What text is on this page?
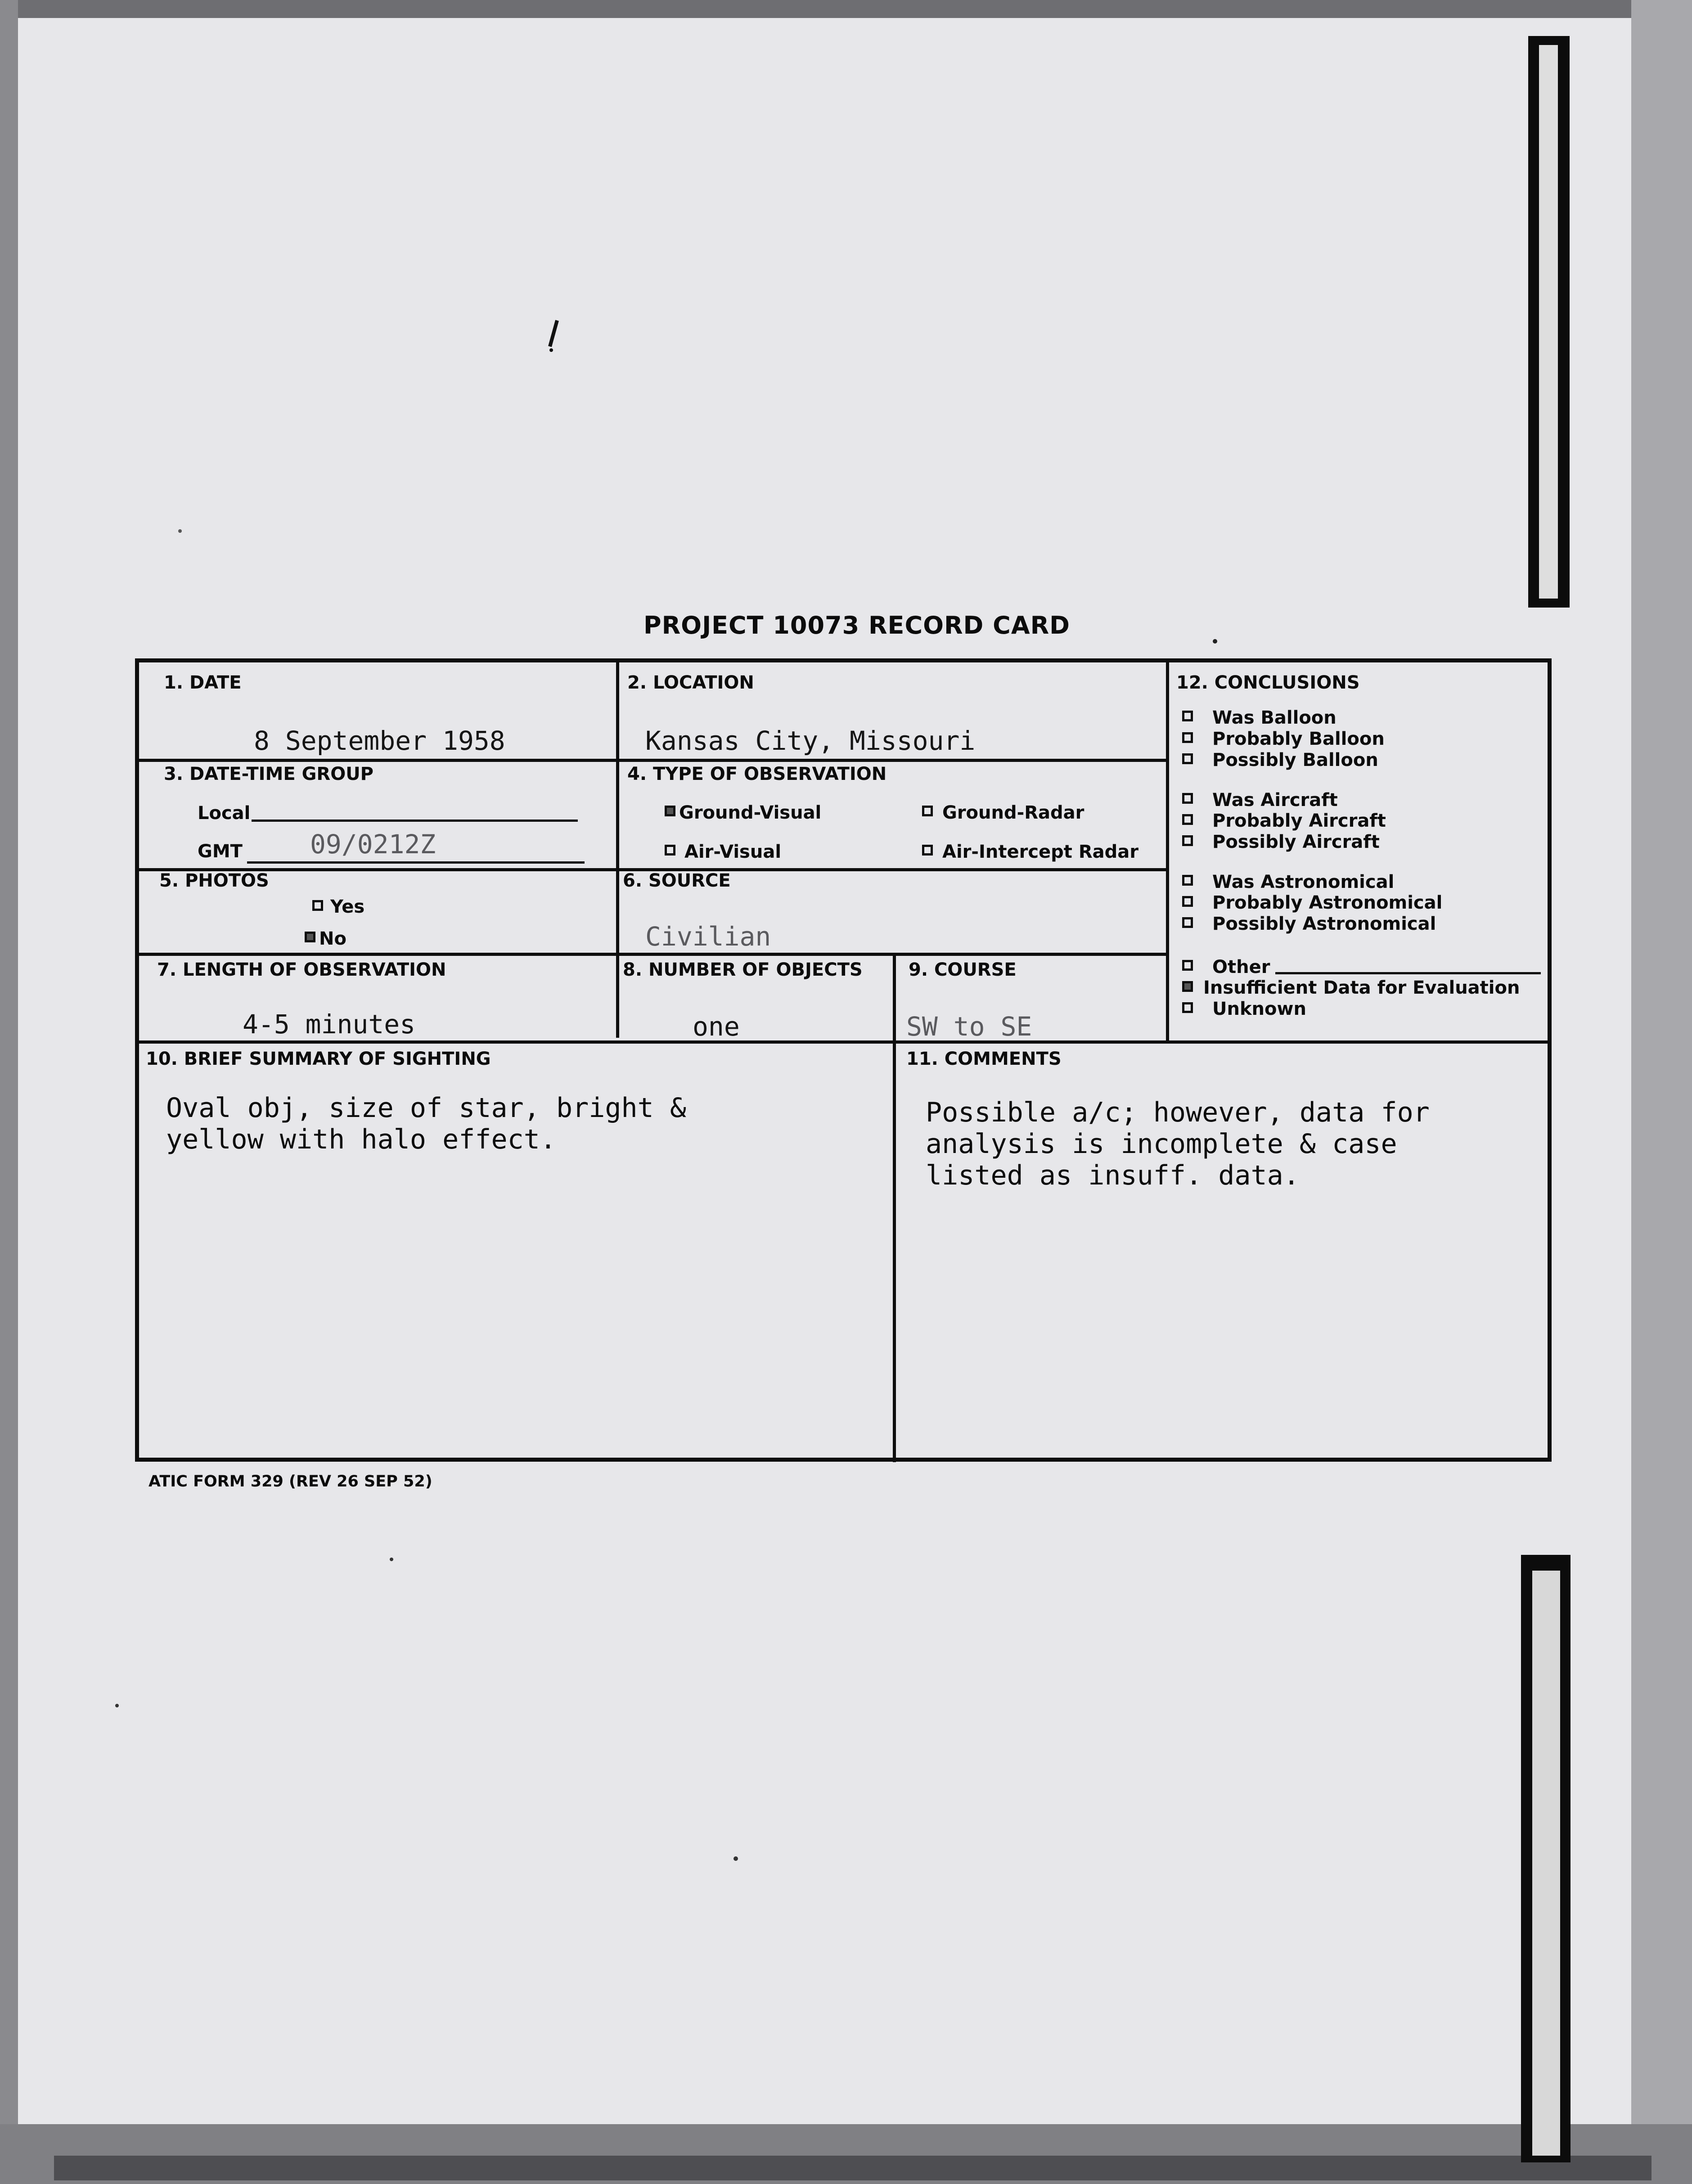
PROJECT 10073 RECORD CARD
1. DATE
8 September 1958
2. LOCATION
Kansas City, Missouri
3. DATE-TIME GROUP
Local
GMT	09/0212Z
4. TYPE OF OBSERVATION
Ground-Visual	Ground-Radar
Air-Visual	Air-Intercept Radar
5. PHOTOS
Yes
No
6. SOURCE
Civilian
7. LENGTH OF OBSERVATION
4-5 minutes
8. NUMBER OF OBJECTS
one
9. COURSE
SW to SE
12. CONCLUSIONS
Was Balloon
Probably Balloon
Possibly Balloon
Was Aircraft
Probably Aircraft
Possibly Aircraft
Was Astronomical
Probably Astronomical
Possibly Astronomical
Other
Insufficient Data for Evaluation
Unknown
10. BRIEF SUMMARY OF SIGHTING
Oval obj, size of star, bright &
yellow with halo effect.
11. COMMENTS
Possible a/c; however, data for
analysis is incomplete & case
listed as insuff. data.
ATIC FORM 329 (REV 26 SEP 52)
